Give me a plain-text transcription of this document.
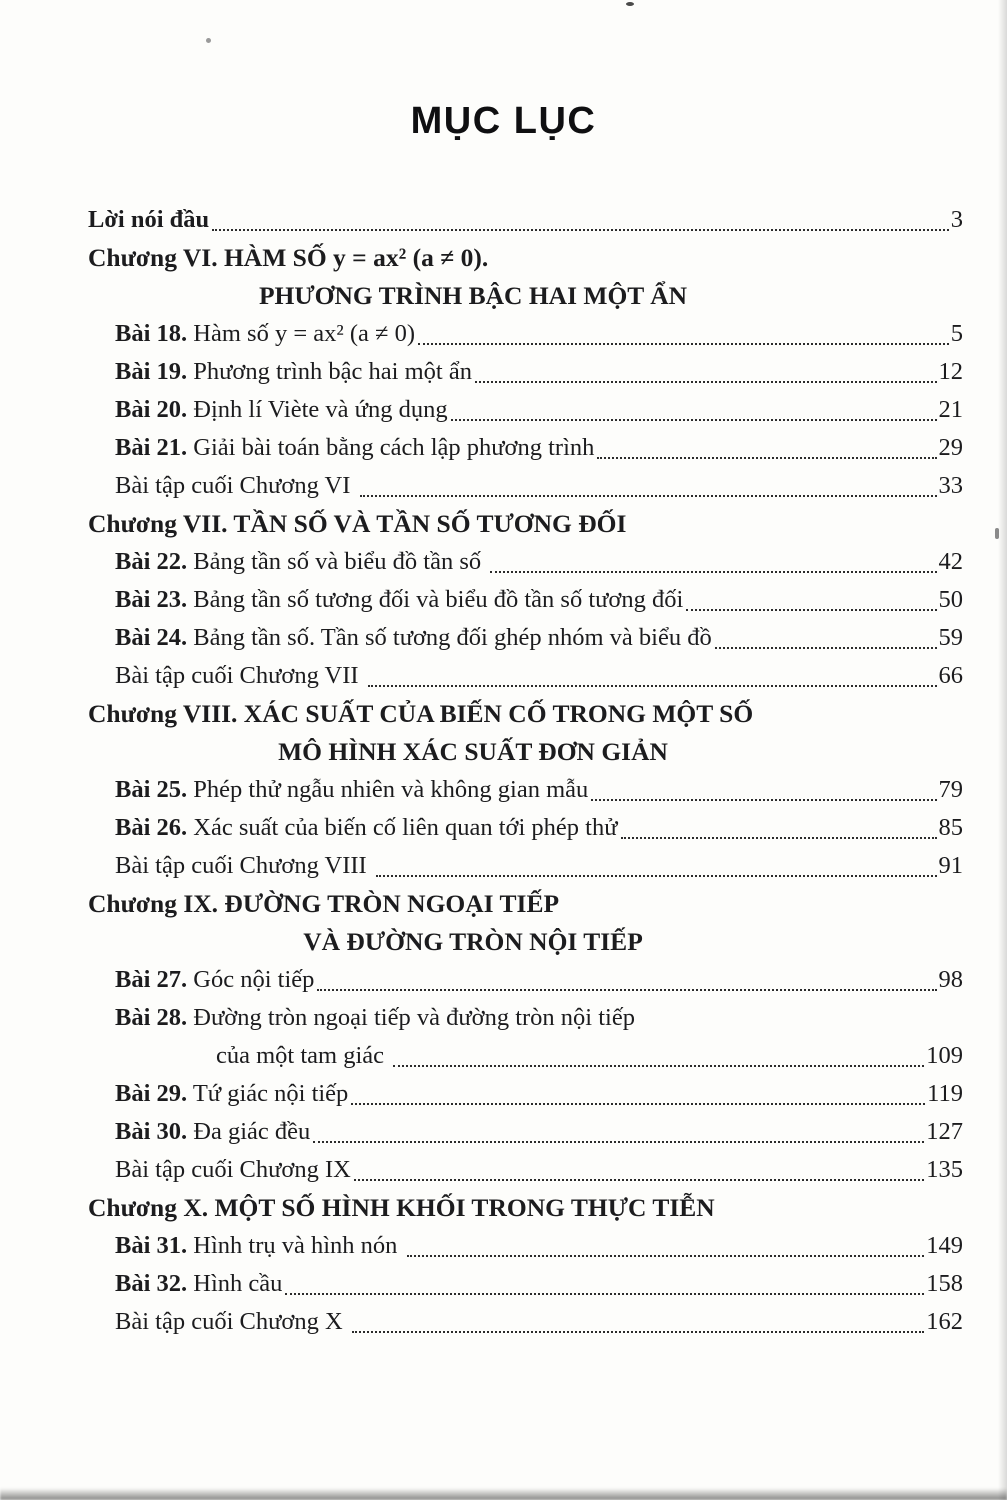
MỤC LỤC
Lời nói đầu	3
Chương VI. HÀM SỐ y = ax² (a ≠ 0).
PHƯƠNG TRÌNH BẬC HAI MỘT ẨN
Bài 18. Hàm số y = ax² (a ≠ 0)	5
Bài 19. Phương trình bậc hai một ẩn	12
Bài 20. Định lí Viète và ứng dụng	21
Bài 21. Giải bài toán bằng cách lập phương trình	29
Bài tập cuối Chương VI	33
Chương VII. TẦN SỐ VÀ TẦN SỐ TƯƠNG ĐỐI
Bài 22. Bảng tần số và biểu đồ tần số	42
Bài 23. Bảng tần số tương đối và biểu đồ tần số tương đối	50
Bài 24. Bảng tần số. Tần số tương đối ghép nhóm và biểu đồ	59
Bài tập cuối Chương VII	66
Chương VIII. XÁC SUẤT CỦA BIẾN CỐ TRONG MỘT SỐ
MÔ HÌNH XÁC SUẤT ĐƠN GIẢN
Bài 25. Phép thử ngẫu nhiên và không gian mẫu	79
Bài 26. Xác suất của biến cố liên quan tới phép thử	85
Bài tập cuối Chương VIII	91
Chương IX. ĐƯỜNG TRÒN NGOẠI TIẾP
VÀ ĐƯỜNG TRÒN NỘI TIẾP
Bài 27. Góc nội tiếp	98
Bài 28. Đường tròn ngoại tiếp và đường tròn nội tiếp
của một tam giác	109
Bài 29. Tứ giác nội tiếp	119
Bài 30. Đa giác đều	127
Bài tập cuối Chương IX	135
Chương X. MỘT SỐ HÌNH KHỐI TRONG THỰC TIỄN
Bài 31. Hình trụ và hình nón	149
Bài 32. Hình cầu	158
Bài tập cuối Chương X	162
